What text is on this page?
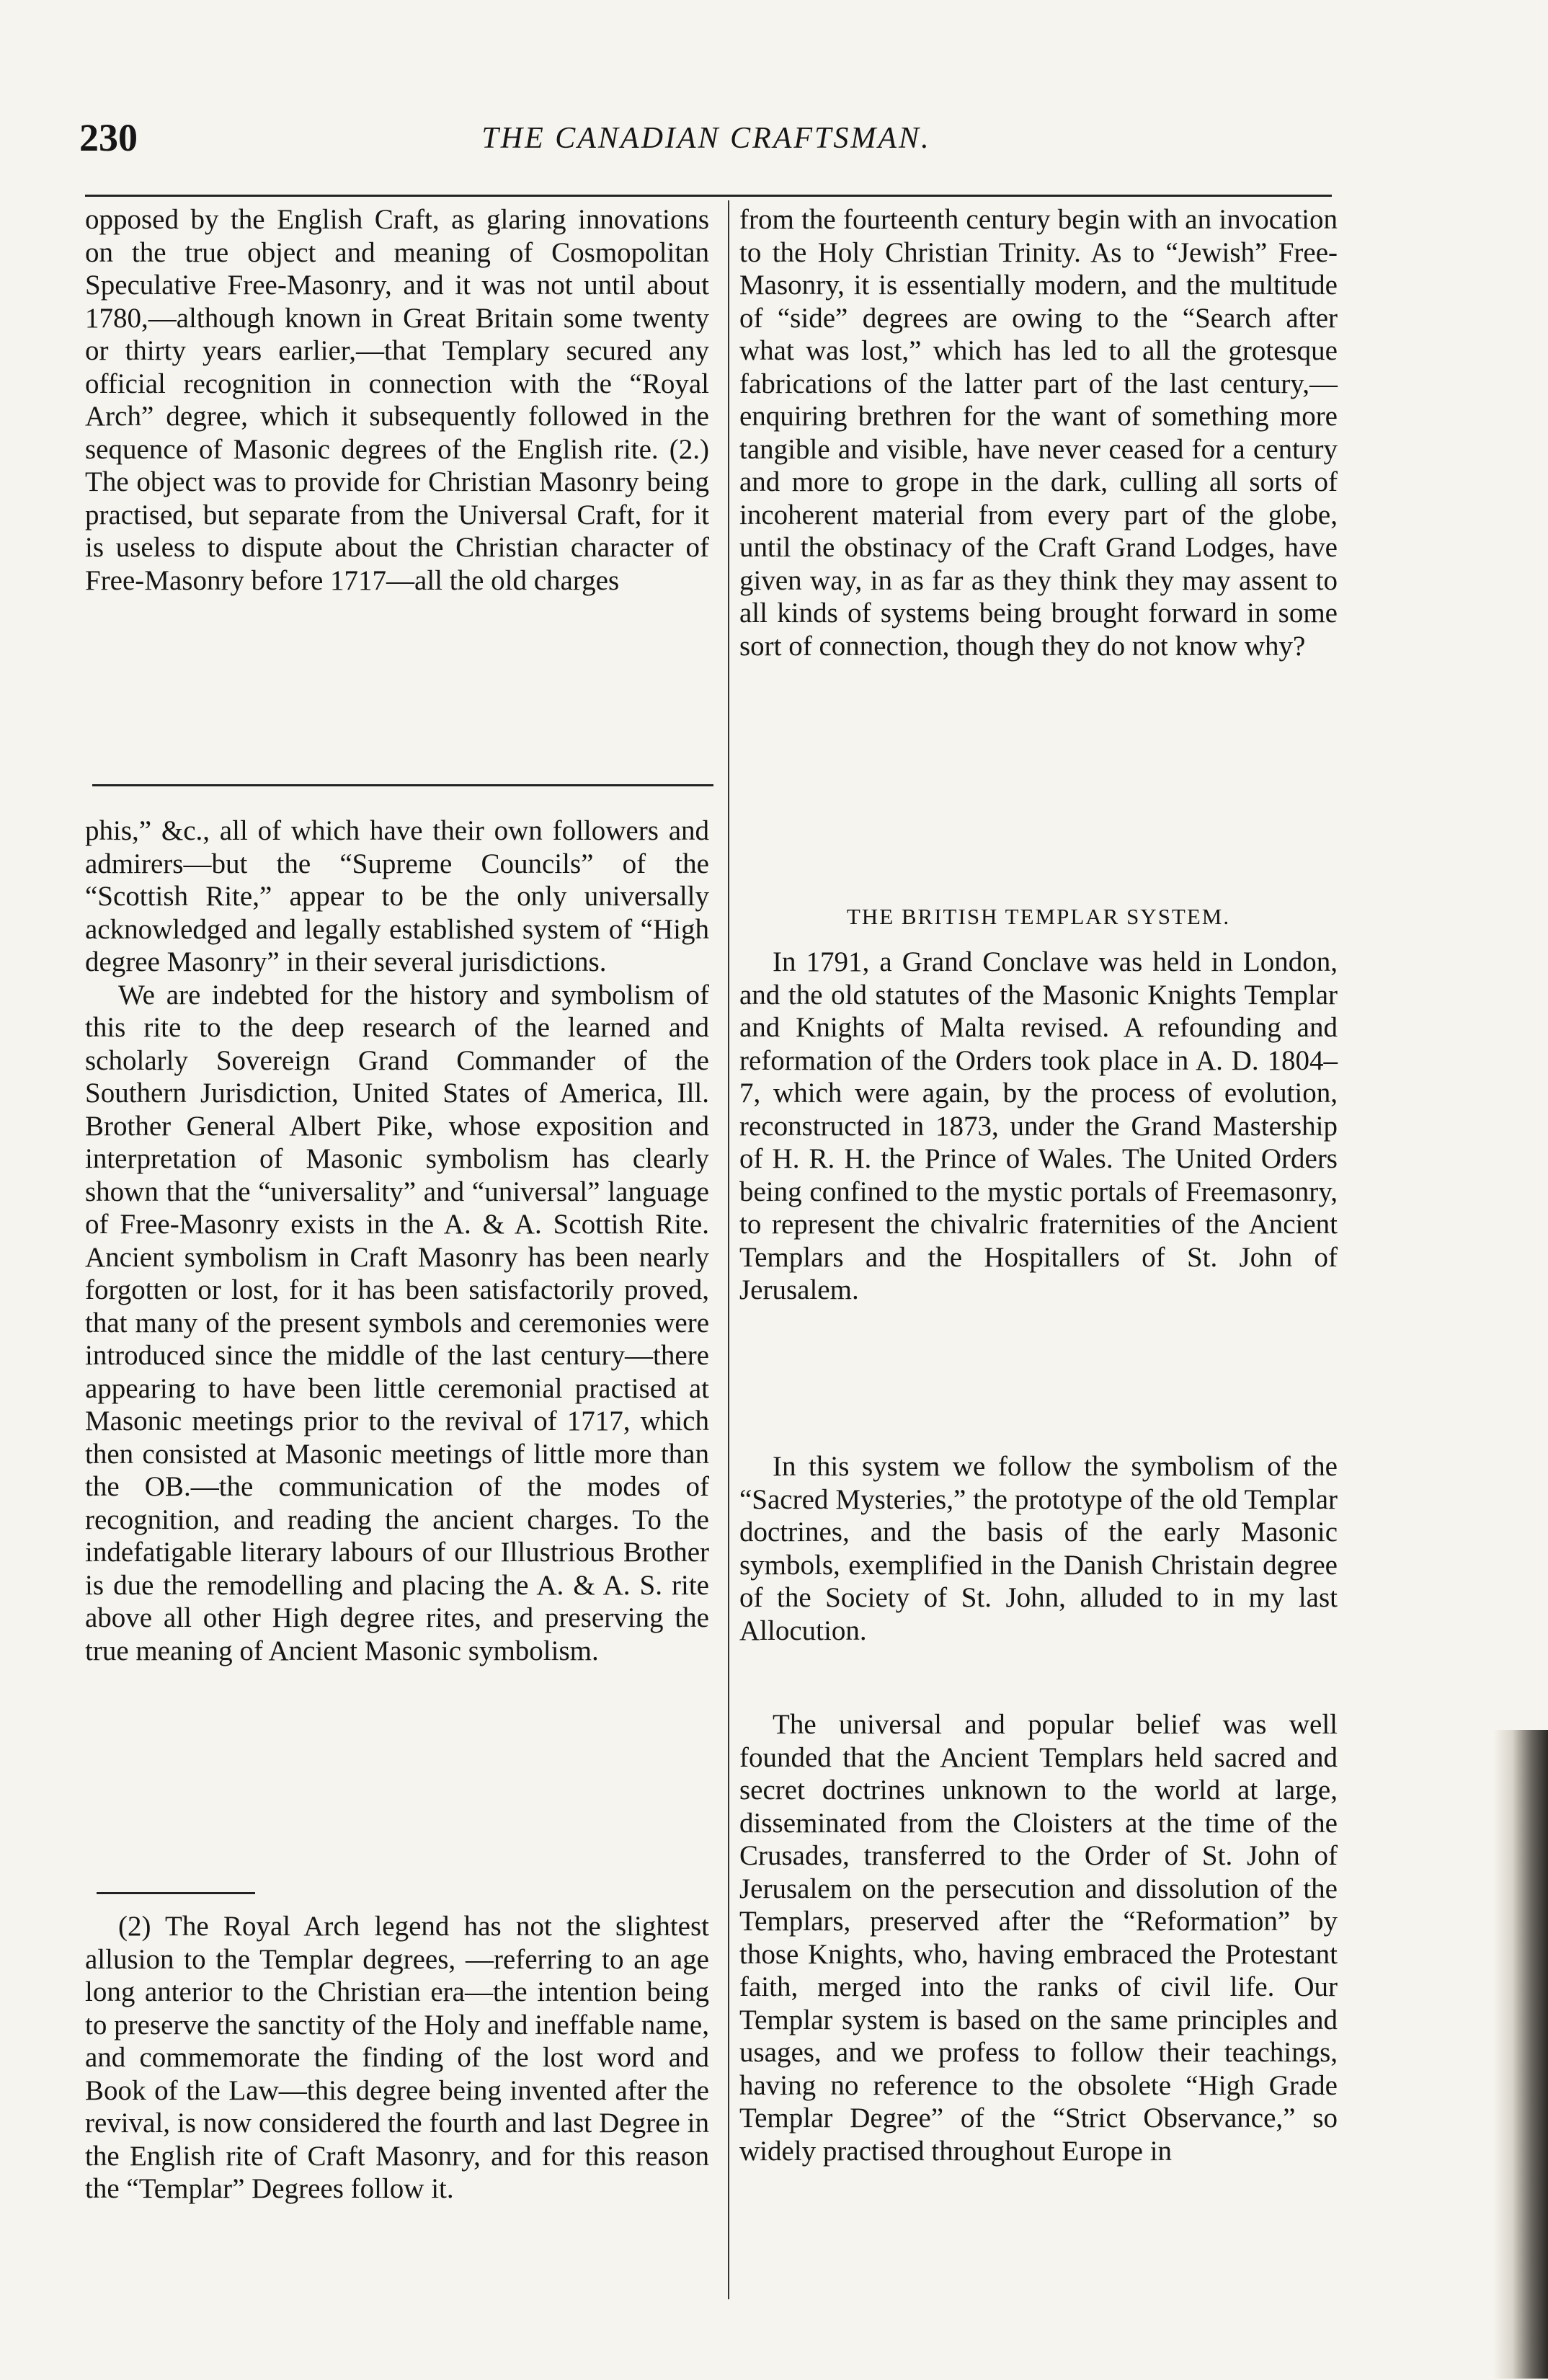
230	THE CANADIAN CRAFTSMAN.

opposed by the English Craft, as glaring innovations on the true object and meaning of Cosmopolitan Speculative Free-Masonry, and it was not until about 1780,—although known in Great Britain some twenty or thirty years earlier,—that Templary secured any official recognition in connection with the “Royal Arch” degree, which it subsequently followed in the sequence of Masonic degrees of the English rite. (2.) The object was to provide for Christian Masonry being practised, but separate from the Universal Craft, for it is useless to dispute about the Christian character of Free-Masonry before 1717—all the old charges

phis,” &c., all of which have their own followers and admirers—but the “Supreme Councils” of the “Scottish Rite,” appear to be the only universally acknowledged and legally established system of “High degree Masonry” in their several jurisdictions.

We are indebted for the history and symbolism of this rite to the deep research of the learned and scholarly Sovereign Grand Commander of the Southern Jurisdiction, United States of America, Ill. Brother General Albert Pike, whose exposition and interpretation of Masonic symbolism has clearly shown that the “universality” and “universal” language of Free-Masonry exists in the A. & A. Scottish Rite. Ancient symbolism in Craft Masonry has been nearly forgotten or lost, for it has been satisfactorily proved, that many of the present symbols and ceremonies were introduced since the middle of the last century—there appearing to have been little ceremonial practised at Masonic meetings prior to the revival of 1717, which then consisted at Masonic meetings of little more than the OB.—the communication of the modes of recognition, and reading the ancient charges. To the indefatigable literary labours of our Illustrious Brother is due the remodelling and placing the A. & A. S. rite above all other High degree rites, and preserving the true meaning of Ancient Masonic symbolism.

(2) The Royal Arch legend has not the slightest allusion to the Templar degrees, —referring to an age long anterior to the Christian era—the intention being to preserve the sanctity of the Holy and ineffable name, and commemorate the finding of the lost word and Book of the Law—this degree being invented after the revival, is now considered the fourth and last Degree in the English rite of Craft Masonry, and for this reason the “Templar” Degrees follow it.

from the fourteenth century begin with an invocation to the Holy Christian Trinity. As to “Jewish” Free-Masonry, it is essentially modern, and the multitude of “side” degrees are owing to the “Search after what was lost,” which has led to all the grotesque fabrications of the latter part of the last century,—enquiring brethren for the want of something more tangible and visible, have never ceased for a century and more to grope in the dark, culling all sorts of incoherent material from every part of the globe, until the obstinacy of the Craft Grand Lodges, have given way, in as far as they think they may assent to all kinds of systems being brought forward in some sort of connection, though they do not know why?

THE BRITISH TEMPLAR SYSTEM.

In 1791, a Grand Conclave was held in London, and the old statutes of the Masonic Knights Templar and Knights of Malta revised. A refounding and reformation of the Orders took place in A. D. 1804–7, which were again, by the process of evolution, reconstructed in 1873, under the Grand Mastership of H. R. H. the Prince of Wales. The United Orders being confined to the mystic portals of Freemasonry, to represent the chivalric fraternities of the Ancient Templars and the Hospitallers of St. John of Jerusalem.

In this system we follow the symbolism of the “Sacred Mysteries,” the prototype of the old Templar doctrines, and the basis of the early Masonic symbols, exemplified in the Danish Christain degree of the Society of St. John, alluded to in my last Allocution.

The universal and popular belief was well founded that the Ancient Templars held sacred and secret doctrines unknown to the world at large, disseminated from the Cloisters at the time of the Crusades, transferred to the Order of St. John of Jerusalem on the persecution and dissolution of the Templars, preserved after the “Reformation” by those Knights, who, having embraced the Protestant faith, merged into the ranks of civil life. Our Templar system is based on the same principles and usages, and we profess to follow their teachings, having no reference to the obsolete “High Grade Templar Degree” of the “Strict Observance,” so widely practised throughout Europe in
